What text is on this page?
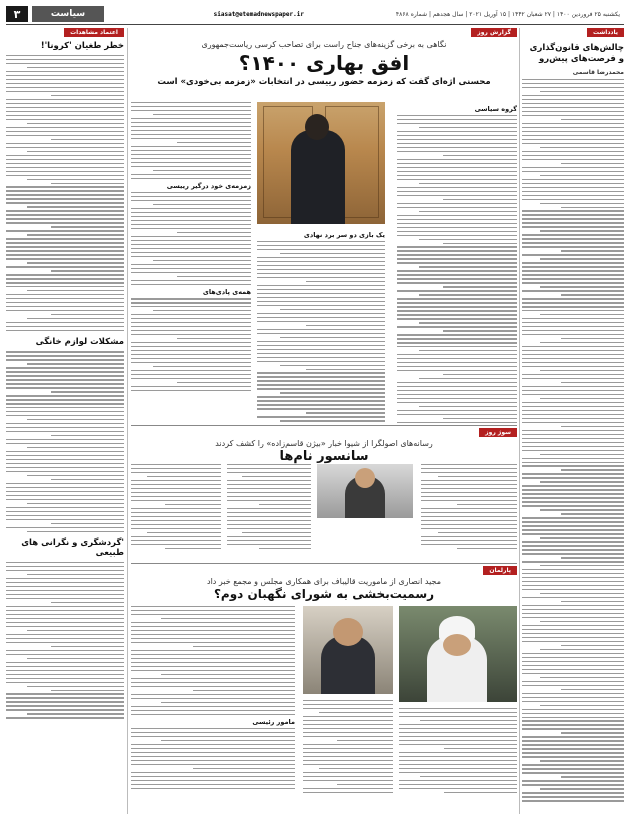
یکشنبه ۲۵ فروردین ۱۴۰۰ | ۲۷ شعبان ۱۴۴۲ | ۱۵ آوریل ۲۰۲۱ | سال هجدهم | شماره ۴۸۶۸ siasat@etemadnewspaper.ir
سیاست
۳
اعتماد مشاهدات
خطر طغیان 'کرونا'!
مشکلات لوازم خانگی
'گردشگری و نگرانی های طبیعی
یادداشت
چالش‌های قانون‌گذاری و فرصت‌های پیش‌رو
محمدرضا قاسمی
گزارش روز
نگاهی به برخی گزینه‌های جناح راست برای تصاحب کرسی ریاست‌جمهوری
افق بهاری ۱۴۰۰؟
محسنی اژه‌ای گفت که زمزمه حضور رییسی در انتخابات «زمزمه بی‌خودی» است
گروه سیاسی
یک بازی دو سر برد نهادی
زمزمه‌ی خود‌ درگیر رییسی
همه‌ی پادی‌های
سو‌ژ روز
رسانه‌های اصولگرا از شیوا خبار «بیژن قاسم‌زاده» را کشف کردند
سانسور نام‌ها
پارلمان
مجید انصاری از ماموریت قالیباف برای همکاری مجلس و مجمع خبر داد
رسمیت‌بخشی به شورای نگهبان دوم؟
مامور رئیسی
